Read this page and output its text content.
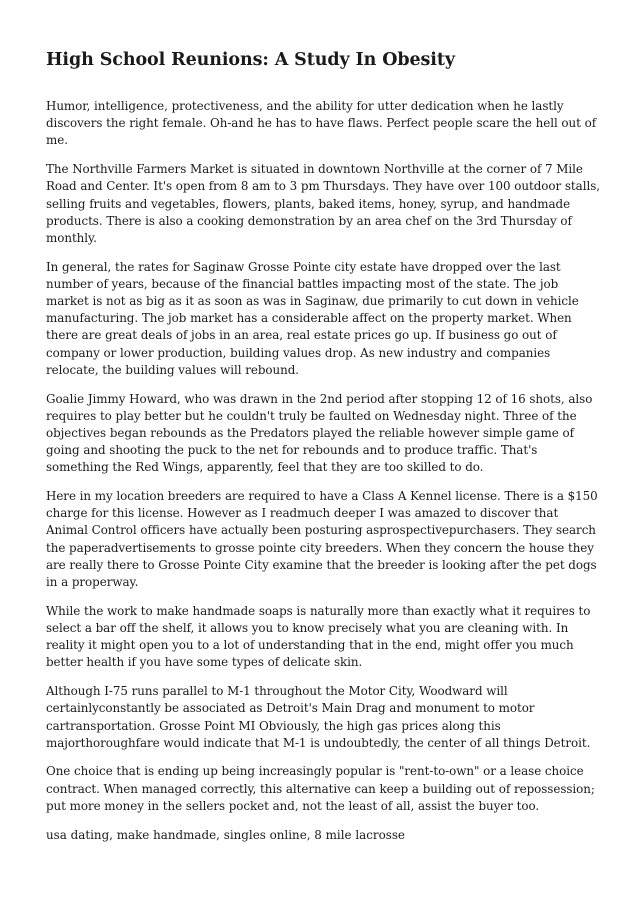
High School Reunions: A Study In Obesity

Humor, intelligence, protectiveness, and the ability for utter dedication when he lastly discovers the right female. Oh-and he has to have flaws. Perfect people scare the hell out of me.

The Northville Farmers Market is situated in downtown Northville at the corner of 7 Mile Road and Center. It's open from 8 am to 3 pm Thursdays. They have over 100 outdoor stalls, selling fruits and vegetables, flowers, plants, baked items, honey, syrup, and handmade products. There is also a cooking demonstration by an area chef on the 3rd Thursday of monthly.

In general, the rates for Saginaw Grosse Pointe city estate have dropped over the last number of years, because of the financial battles impacting most of the state. The job market is not as big as it as soon as was in Saginaw, due primarily to cut down in vehicle manufacturing. The job market has a considerable affect on the property market. When there are great deals of jobs in an area, real estate prices go up. If business go out of company or lower production, building values drop. As new industry and companies relocate, the building values will rebound.

Goalie Jimmy Howard, who was drawn in the 2nd period after stopping 12 of 16 shots, also requires to play better but he couldn't truly be faulted on Wednesday night. Three of the objectives began rebounds as the Predators played the reliable however simple game of going and shooting the puck to the net for rebounds and to produce traffic. That's something the Red Wings, apparently, feel that they are too skilled to do.

Here in my location breeders are required to have a Class A Kennel license. There is a $150 charge for this license. However as I readmuch deeper I was amazed to discover that Animal Control officers have actually been posturing asprospectivepurchasers. They search the paperadvertisements to grosse pointe city breeders. When they concern the house they are really there to Grosse Pointe City examine that the breeder is looking after the pet dogs in a properway.

While the work to make handmade soaps is naturally more than exactly what it requires to select a bar off the shelf, it allows you to know precisely what you are cleaning with. In reality it might open you to a lot of understanding that in the end, might offer you much better health if you have some types of delicate skin.

Although I-75 runs parallel to M-1 throughout the Motor City, Woodward will certainlyconstantly be associated as Detroit's Main Drag and monument to motor cartransportation. Grosse Point MI Obviously, the high gas prices along this majorthoroughfare would indicate that M-1 is undoubtedly, the center of all things Detroit.

One choice that is ending up being increasingly popular is "rent-to-own" or a lease choice contract. When managed correctly, this alternative can keep a building out of repossession; put more money in the sellers pocket and, not the least of all, assist the buyer too.

usa dating, make handmade, singles online, 8 mile lacrosse
